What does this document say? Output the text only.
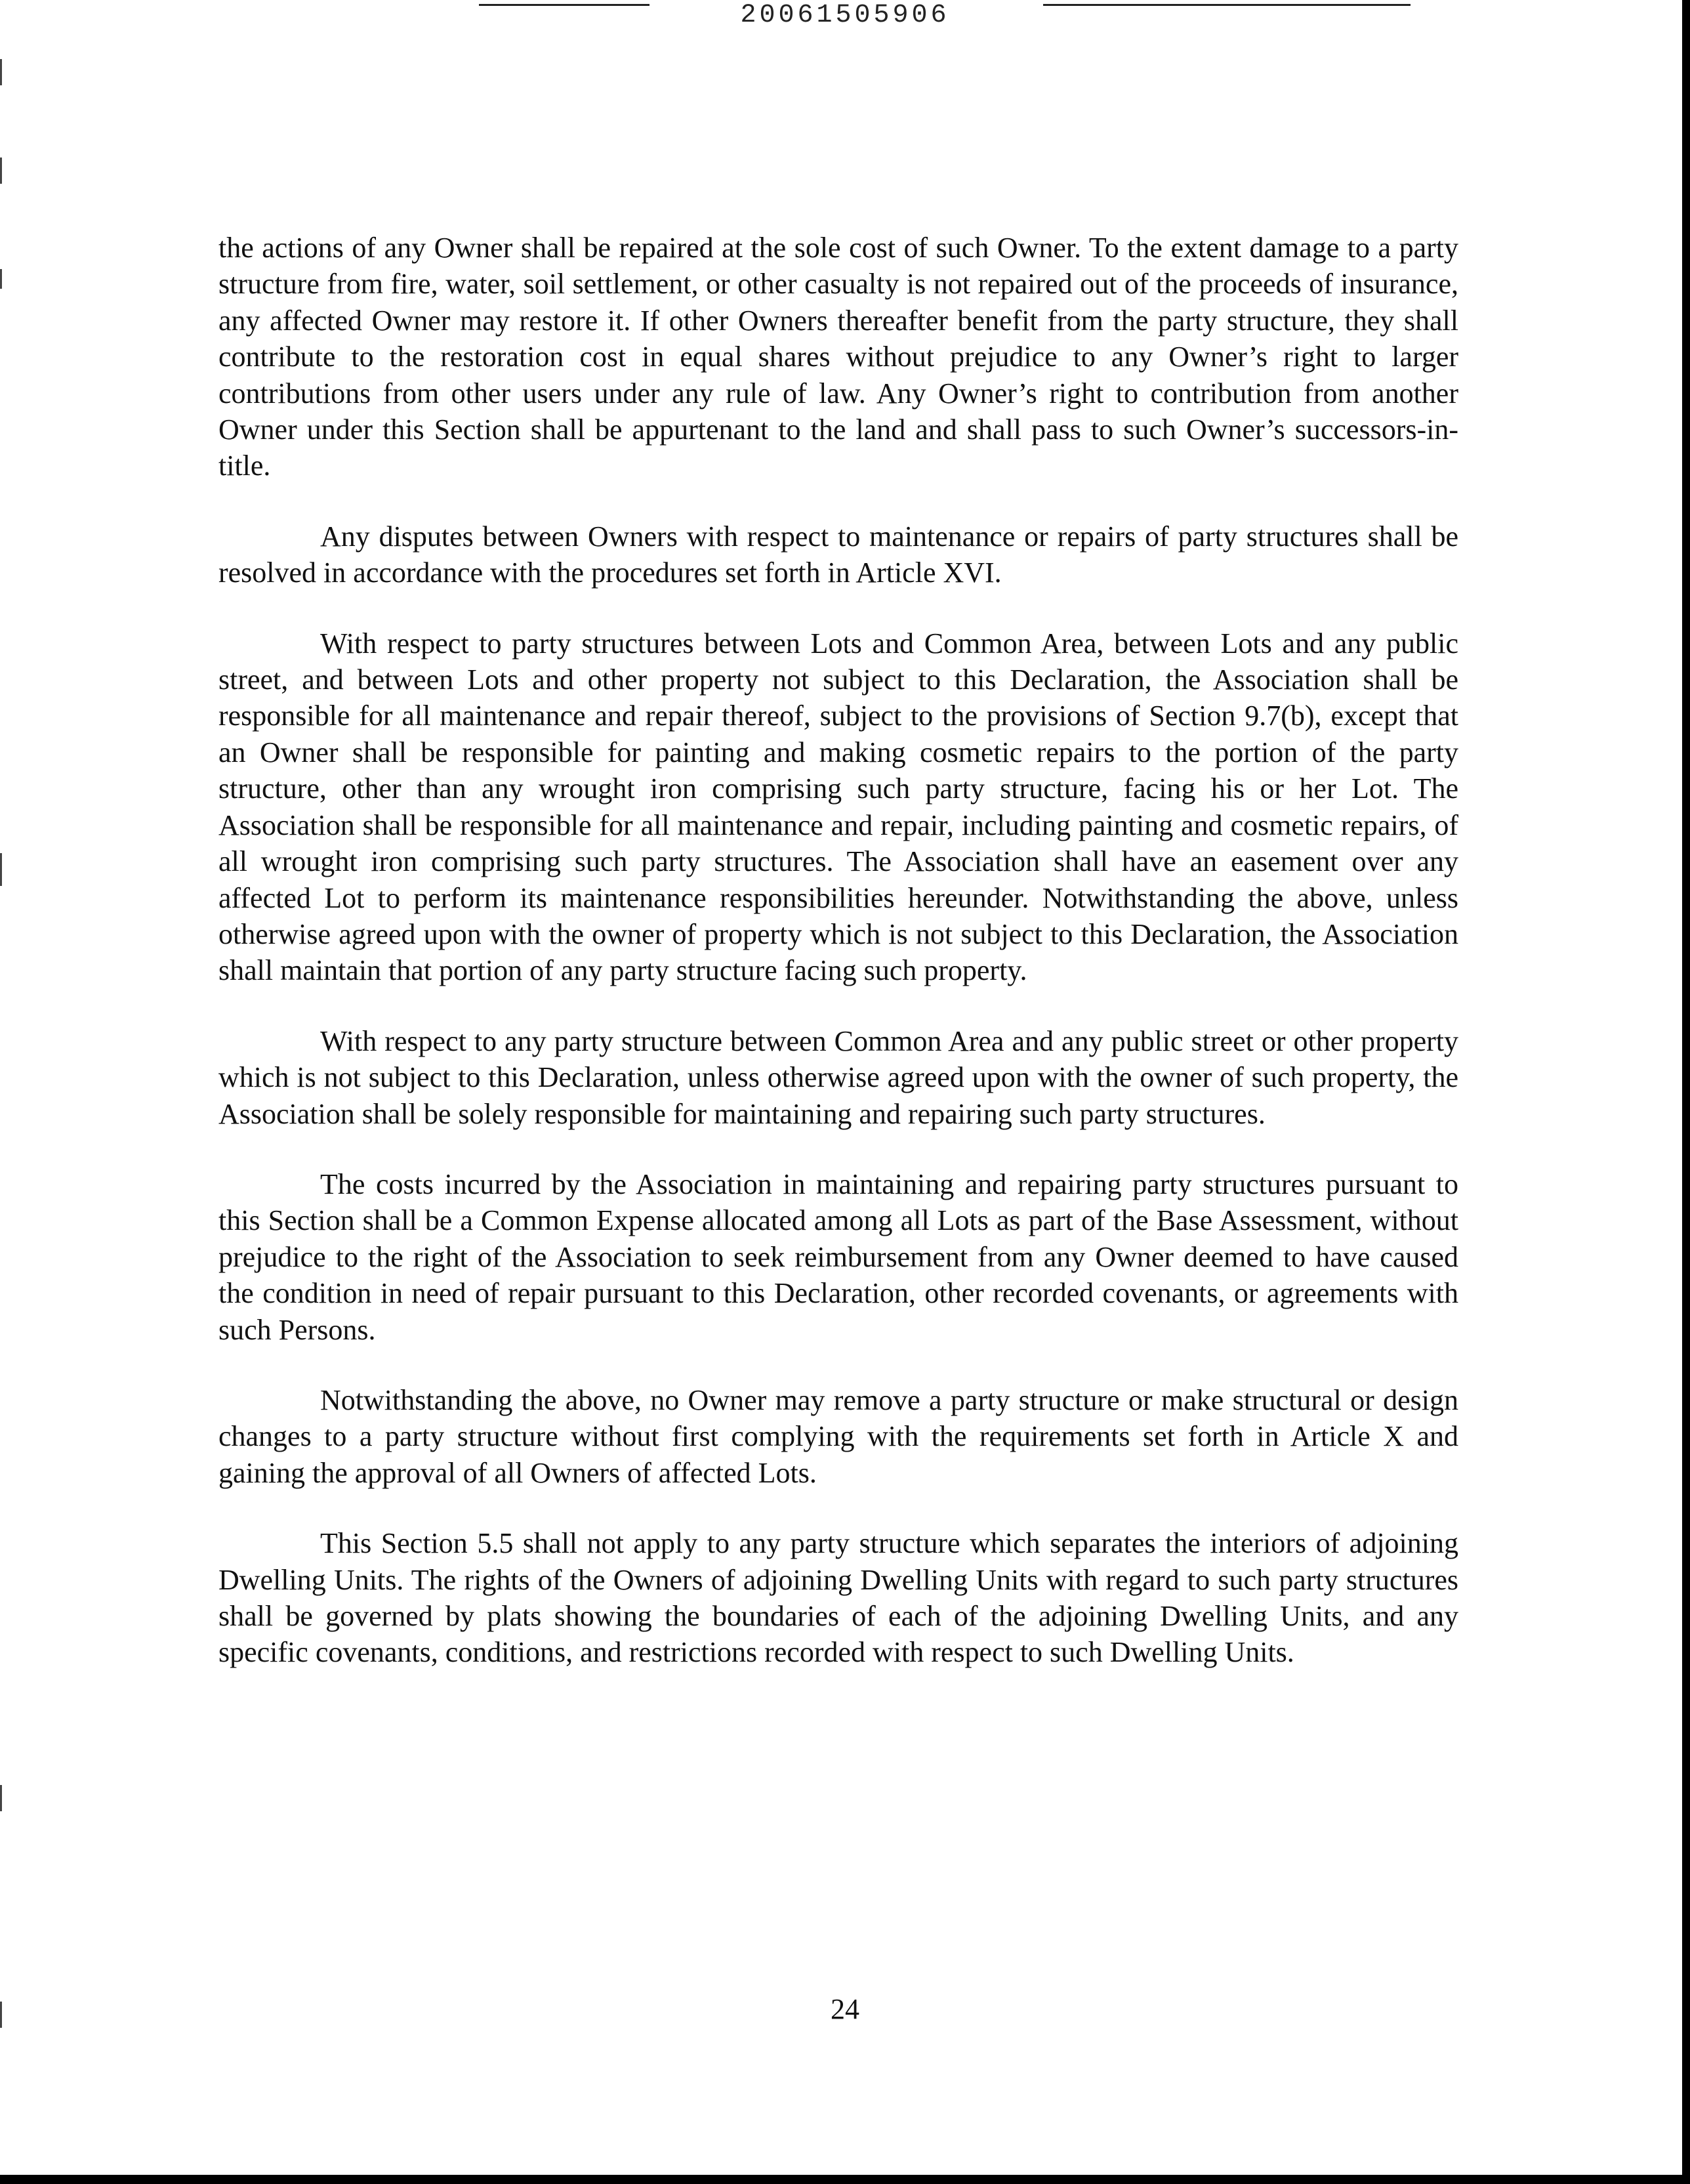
20061505906

the actions of any Owner shall be repaired at the sole cost of such Owner. To the extent damage to a party structure from fire, water, soil settlement, or other casualty is not repaired out of the proceeds of insurance, any affected Owner may restore it. If other Owners thereafter benefit from the party structure, they shall contribute to the restoration cost in equal shares without prejudice to any Owner’s right to larger contributions from other users under any rule of law. Any Owner’s right to contribution from another Owner under this Section shall be appurtenant to the land and shall pass to such Owner’s successors-in-title.

Any disputes between Owners with respect to maintenance or repairs of party structures shall be resolved in accordance with the procedures set forth in Article XVI.

With respect to party structures between Lots and Common Area, between Lots and any public street, and between Lots and other property not subject to this Declaration, the Association shall be responsible for all maintenance and repair thereof, subject to the provisions of Section 9.7(b), except that an Owner shall be responsible for painting and making cosmetic repairs to the portion of the party structure, other than any wrought iron comprising such party structure, facing his or her Lot. The Association shall be responsible for all maintenance and repair, including painting and cosmetic repairs, of all wrought iron comprising such party structures. The Association shall have an easement over any affected Lot to perform its maintenance responsibilities hereunder. Notwithstanding the above, unless otherwise agreed upon with the owner of property which is not subject to this Declaration, the Association shall maintain that portion of any party structure facing such property.

With respect to any party structure between Common Area and any public street or other property which is not subject to this Declaration, unless otherwise agreed upon with the owner of such property, the Association shall be solely responsible for maintaining and repairing such party structures.

The costs incurred by the Association in maintaining and repairing party structures pursuant to this Section shall be a Common Expense allocated among all Lots as part of the Base Assessment, without prejudice to the right of the Association to seek reimbursement from any Owner deemed to have caused the condition in need of repair pursuant to this Declaration, other recorded covenants, or agreements with such Persons.

Notwithstanding the above, no Owner may remove a party structure or make structural or design changes to a party structure without first complying with the requirements set forth in Article X and gaining the approval of all Owners of affected Lots.

This Section 5.5 shall not apply to any party structure which separates the interiors of adjoining Dwelling Units. The rights of the Owners of adjoining Dwelling Units with regard to such party structures shall be governed by plats showing the boundaries of each of the adjoining Dwelling Units, and any specific covenants, conditions, and restrictions recorded with respect to such Dwelling Units.

24
